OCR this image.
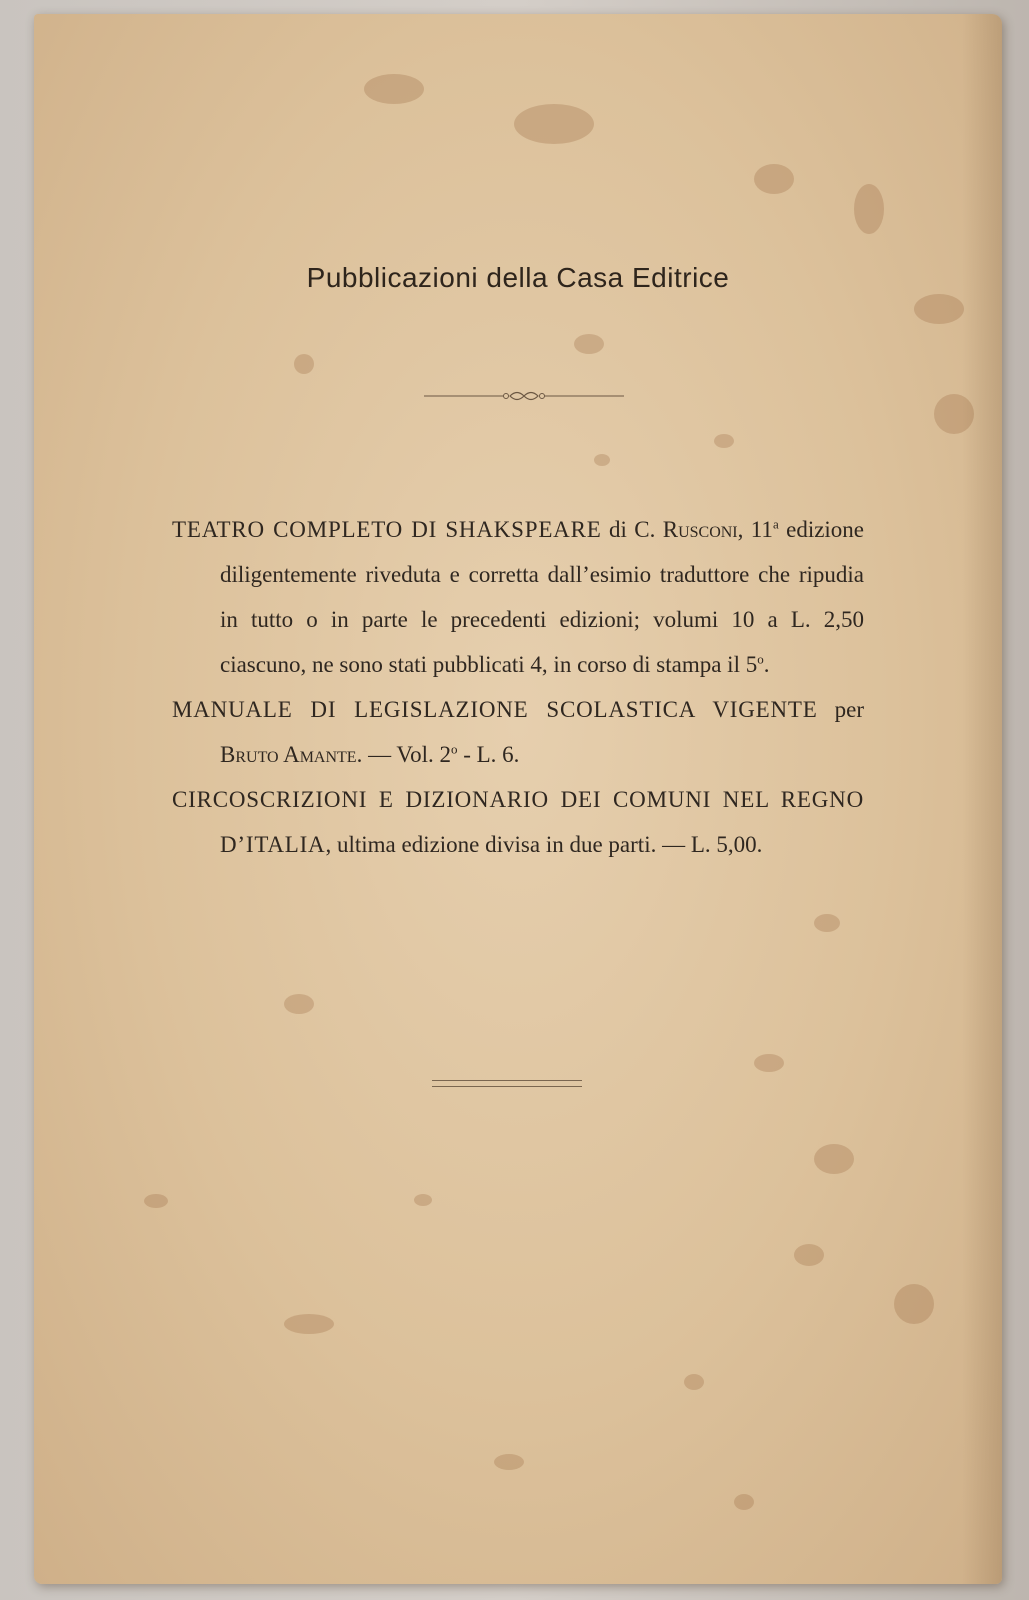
Pubblicazioni della Casa Editrice

TEATRO COMPLETO DI SHAKSPEARE di C. Rusconi, 11$^a$ edizione diligentemente riveduta e corretta dall’esimio traduttore che ripudia in tutto o in parte le precedenti edizioni; volumi 10 a L. 2,50 ciascuno, ne sono stati pubblicati 4, in corso di stampa il 5$^o$.

MANUALE DI LEGISLAZIONE SCOLASTICA VIGENTE per Bruto Amante. — Vol. 2$^o$ - L. 6.

CIRCOSCRIZIONI E DIZIONARIO DEI COMUNI NEL REGNO D’ITALIA, ultima edizione divisa in due parti. — L. 5,00.
